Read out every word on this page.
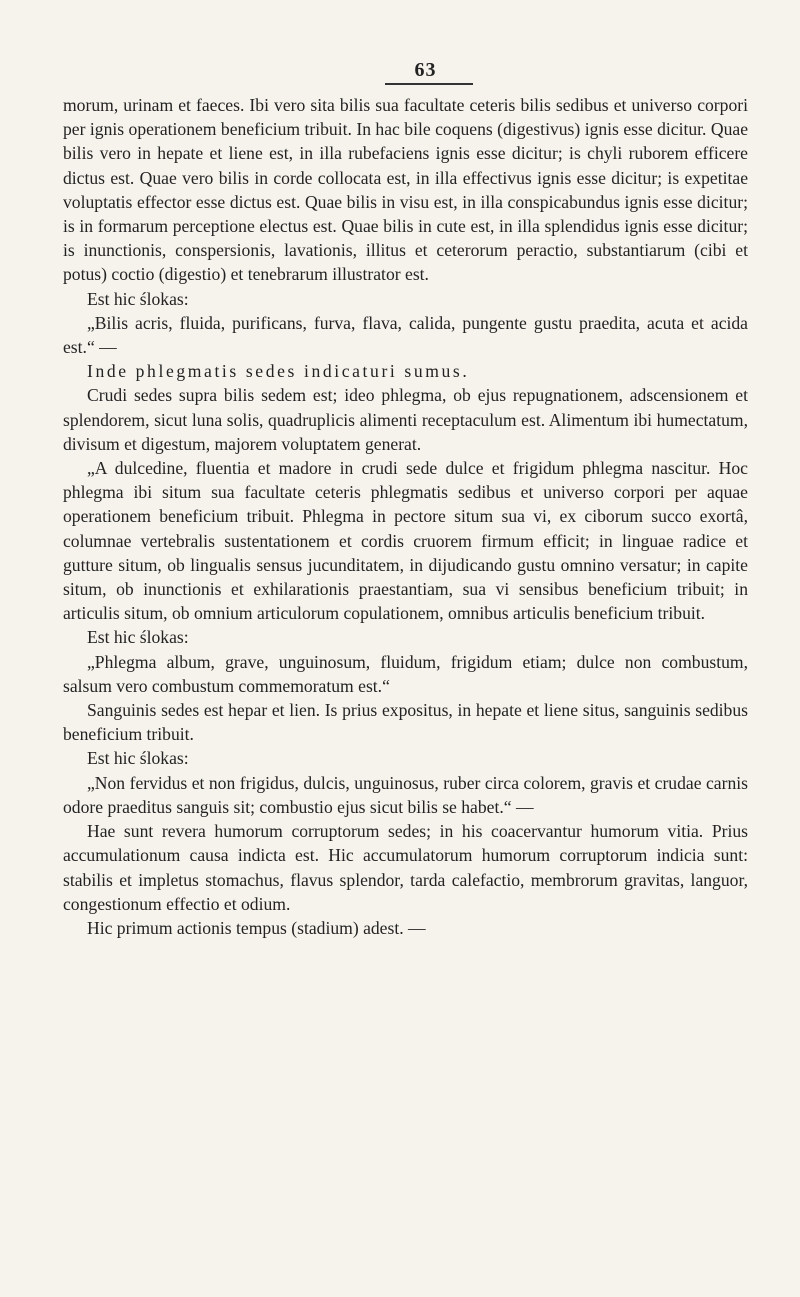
63

morum, urinam et faeces. Ibi vero sita bilis sua facultate ceteris bilis sedibus et universo corpori per ignis operationem beneficium tribuit. In hac bile coquens (digestivus) ignis esse dicitur. Quae bilis vero in hepate et liene est, in illa rubefaciens ignis esse dicitur; is chyli ruborem efficere dictus est. Quae vero bilis in corde collocata est, in illa effectivus ignis esse dicitur; is expetitae voluptatis effector esse dictus est. Quae bilis in visu est, in illa conspicabundus ignis esse dicitur; is in formarum perceptione electus est. Quae bilis in cute est, in illa splendidus ignis esse dicitur; is inunctionis, conspersionis, lavationis, illitus et ceterorum peractio, substantiarum (cibi et potus) coctio (digestio) et tenebrarum illustrator est.

Est hic ślokas:

„Bilis acris, fluida, purificans, furva, flava, calida, pungente gustu praedita, acuta et acida est.“ —

Inde phlegmatis sedes indicaturi sumus.

Crudi sedes supra bilis sedem est; ideo phlegma, ob ejus repugnationem, adscensionem et splendorem, sicut luna solis, quadruplicis alimenti receptaculum est. Alimentum ibi humectatum, divisum et digestum, majorem voluptatem generat.

„A dulcedine, fluentia et madore in crudi sede dulce et frigidum phlegma nascitur. Hoc phlegma ibi situm sua facultate ceteris phlegmatis sedibus et universo corpori per aquae operationem beneficium tribuit. Phlegma in pectore situm sua vi, ex ciborum succo exortâ, columnae vertebralis sustentationem et cordis cruorem firmum efficit; in linguae radice et gutture situm, ob lingualis sensus jucunditatem, in dijudicando gustu omnino versatur; in capite situm, ob inunctionis et exhilarationis praestantiam, sua vi sensibus beneficium tribuit; in articulis situm, ob omnium articulorum copulationem, omnibus articulis beneficium tribuit.

Est hic ślokas:

„Phlegma album, grave, unguinosum, fluidum, frigidum etiam; dulce non combustum, salsum vero combustum commemoratum est.“

Sanguinis sedes est hepar et lien. Is prius expositus, in hepate et liene situs, sanguinis sedibus beneficium tribuit.

Est hic ślokas:

„Non fervidus et non frigidus, dulcis, unguinosus, ruber circa colorem, gravis et crudae carnis odore praeditus sanguis sit; combustio ejus sicut bilis se habet.“ —

Hae sunt revera humorum corruptorum sedes; in his coacervantur humorum vitia. Prius accumulationum causa indicta est. Hic accumulatorum humorum corruptorum indicia sunt: stabilis et impletus stomachus, flavus splendor, tarda calefactio, membrorum gravitas, languor, congestionum effectio et odium.

Hic primum actionis tempus (stadium) adest. —
